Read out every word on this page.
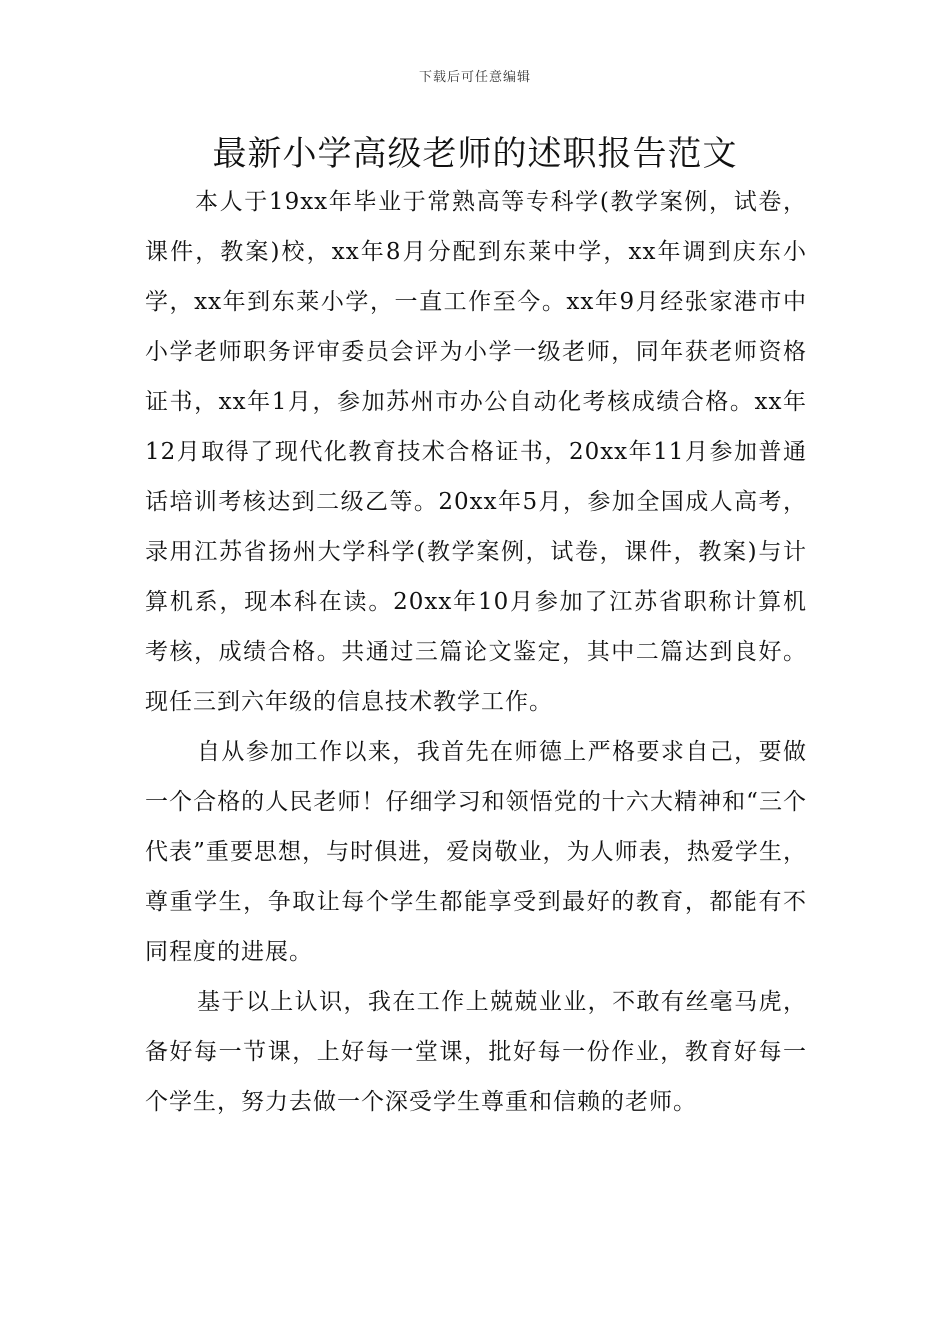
下载后可任意编辑
最新小学高级老师的述职报告范文

本人于19xx年毕业于常熟高等专科学(教学案例，试卷，课件，教案)校，xx年8月分配到东莱中学，xx年调到庆东小学，xx年到东莱小学，一直工作至今。xx年9月经张家港市中小学老师职务评审委员会评为小学一级老师，同年获老师资格证书，xx年1月，参加苏州市办公自动化考核成绩合格。xx年12月取得了现代化教育技术合格证书，20xx年11月参加普通话培训考核达到二级乙等。20xx年5月，参加全国成人高考，录用江苏省扬州大学科学(教学案例，试卷，课件，教案)与计算机系，现本科在读。20xx年10月参加了江苏省职称计算机考核，成绩合格。共通过三篇论文鉴定，其中二篇达到良好。现任三到六年级的信息技术教学工作。

自从参加工作以来，我首先在师德上严格要求自己，要做一个合格的人民老师！仔细学习和领悟党的十六大精神和“三个代表”重要思想，与时俱进，爱岗敬业，为人师表，热爱学生，尊重学生，争取让每个学生都能享受到最好的教育，都能有不同程度的进展。

基于以上认识，我在工作上兢兢业业，不敢有丝毫马虎，备好每一节课，上好每一堂课，批好每一份作业，教育好每一个学生，努力去做一个深受学生尊重和信赖的老师。
